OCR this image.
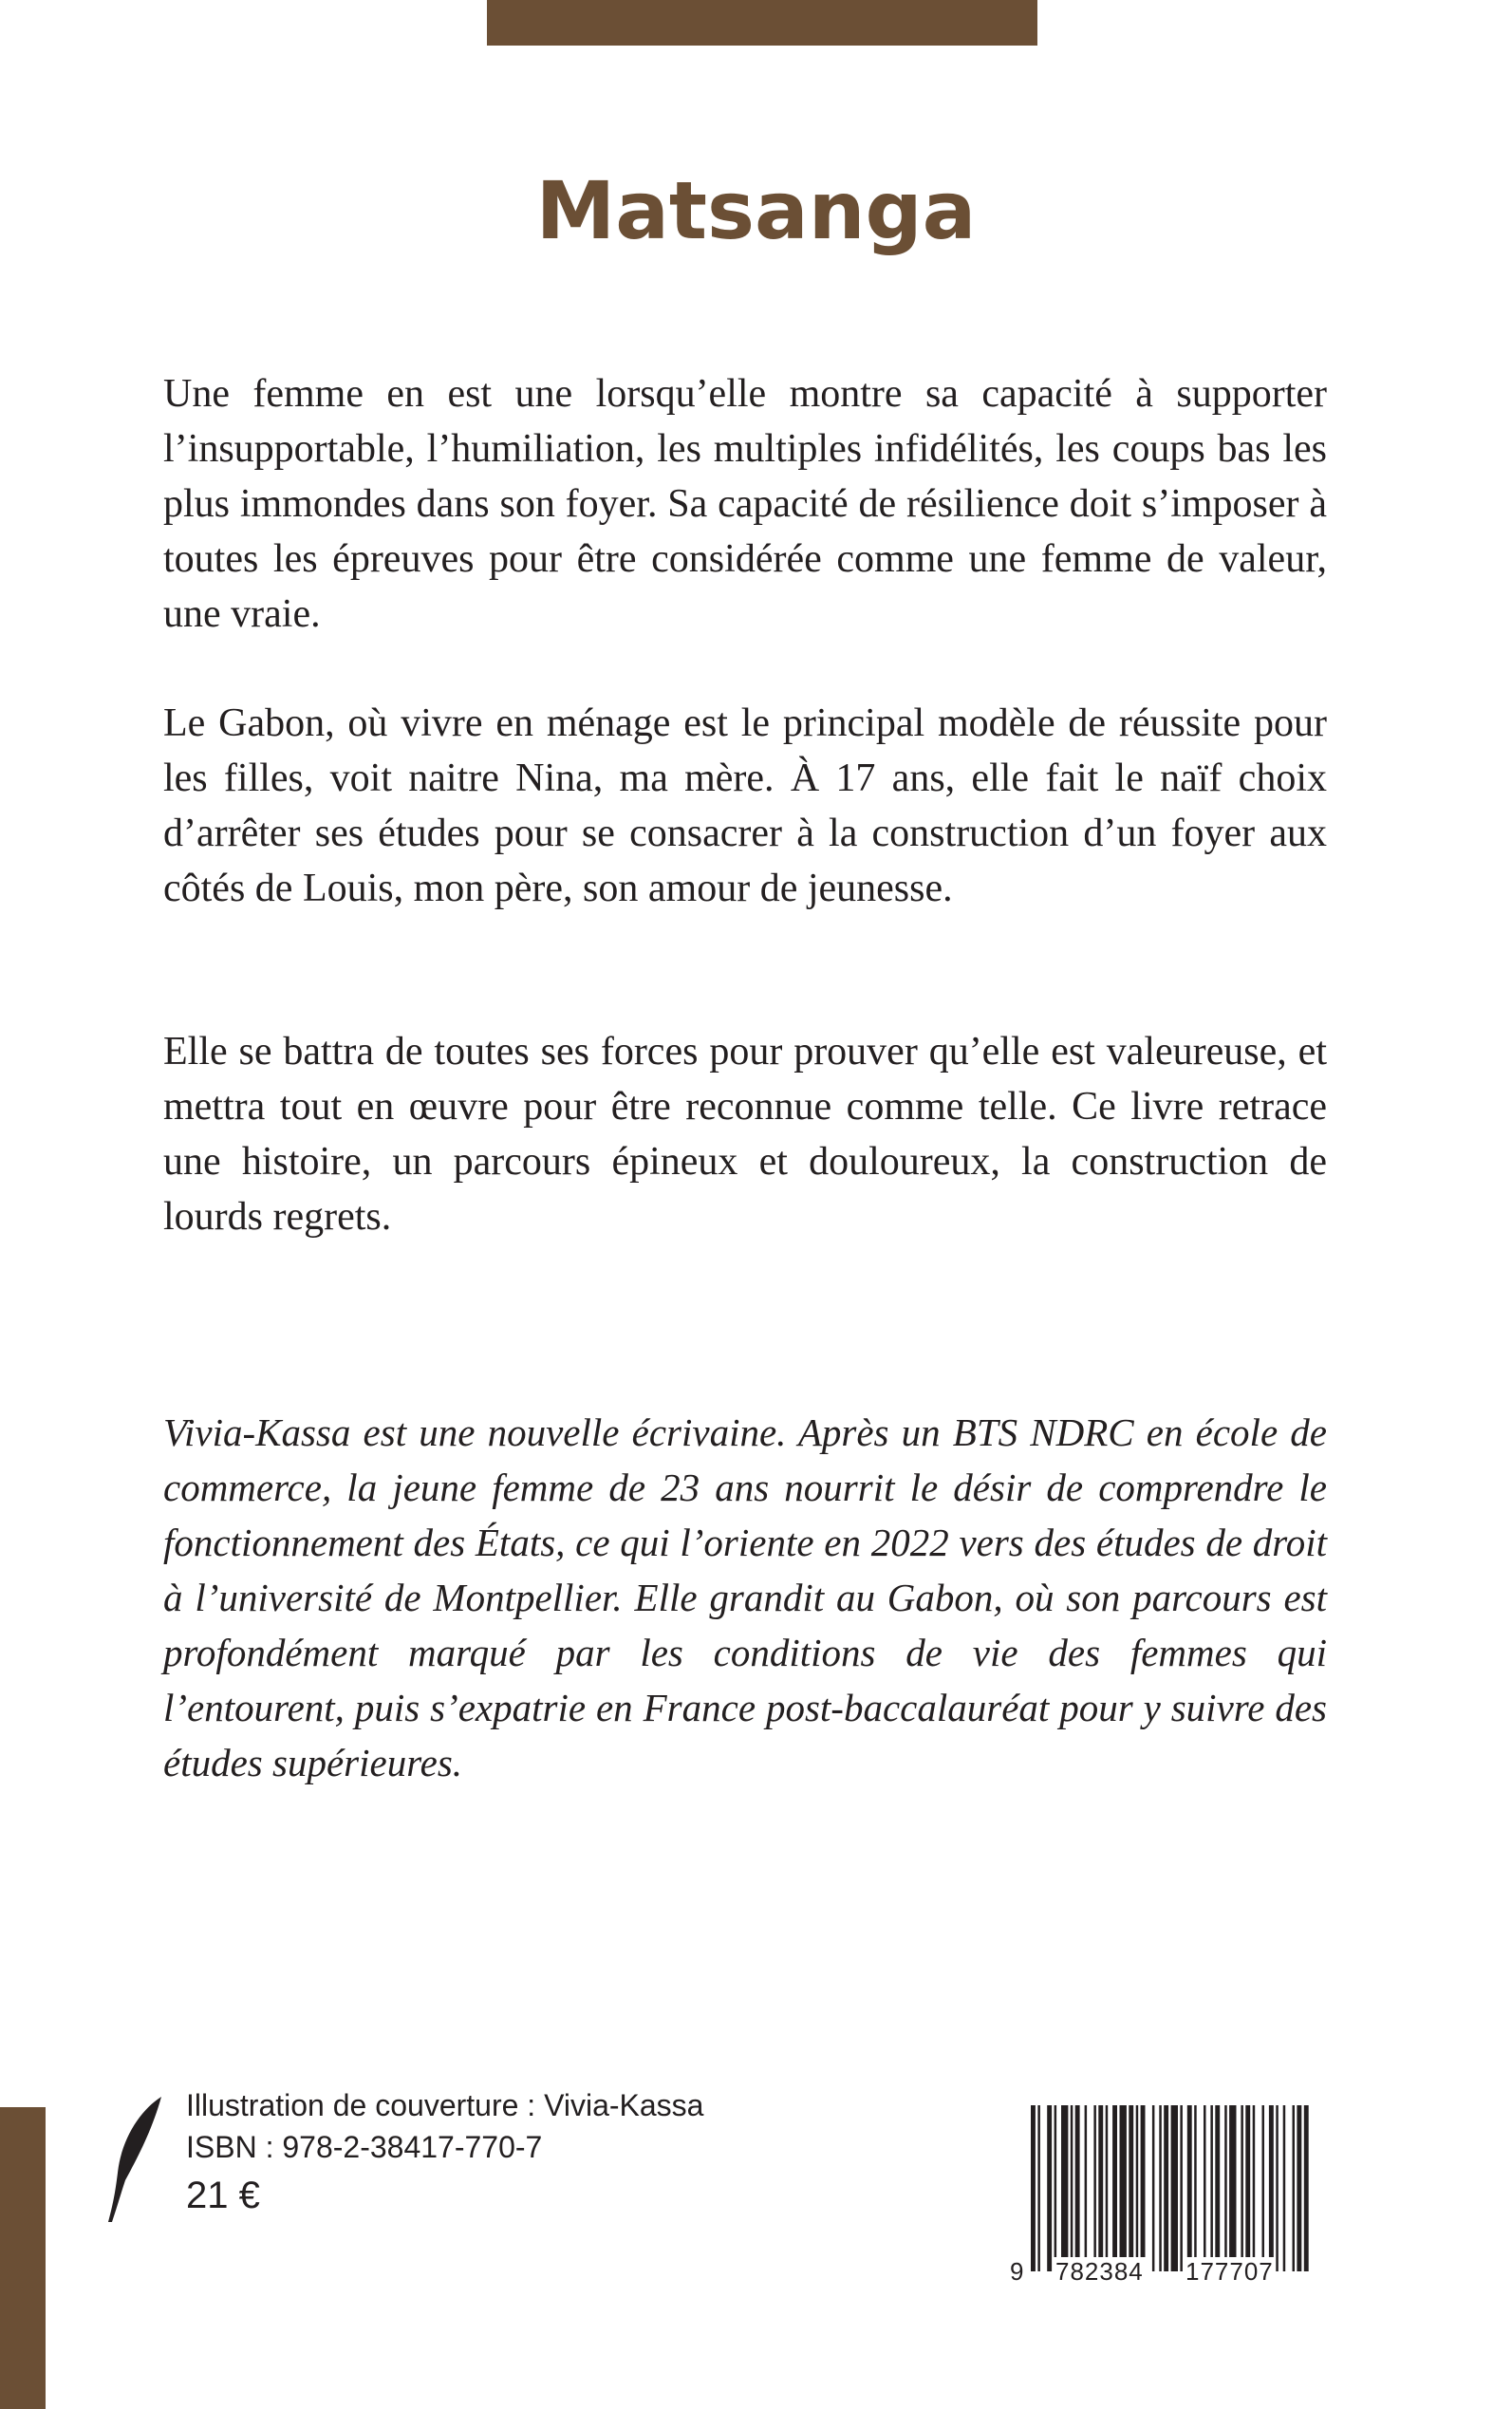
Matsanga

Une femme en est une lorsqu’elle montre sa capacité à supporter l’insupportable, l’humiliation, les multiples infidélités, les coups bas les plus immondes dans son foyer. Sa capacité de résilience doit s’imposer à toutes les épreuves pour être considérée comme une femme de valeur, une vraie.

Le Gabon, où vivre en ménage est le principal modèle de réussite pour les filles, voit naitre Nina, ma mère. À 17 ans, elle fait le naïf choix d’arrêter ses études pour se consacrer à la construction d’un foyer aux côtés de Louis, mon père, son amour de jeunesse.

Elle se battra de toutes ses forces pour prouver qu’elle est valeureuse, et mettra tout en œuvre pour être reconnue comme telle. Ce livre retrace une histoire, un parcours épineux et douloureux, la construction de lourds regrets.

Vivia-Kassa est une nouvelle écrivaine. Après un BTS NDRC en école de commerce, la jeune femme de 23 ans nourrit le désir de comprendre le fonctionnement des États, ce qui l’oriente en 2022 vers des études de droit à l’université de Montpellier. Elle grandit au Gabon, où son parcours est profondément marqué par les conditions de vie des femmes qui l’entourent, puis s’expatrie en France post-baccalauréat pour y suivre des études supérieures.
Illustration de couverture : Vivia-Kassa
ISBN : 978-2-38417-770-7
21 €
9 782384 177707
